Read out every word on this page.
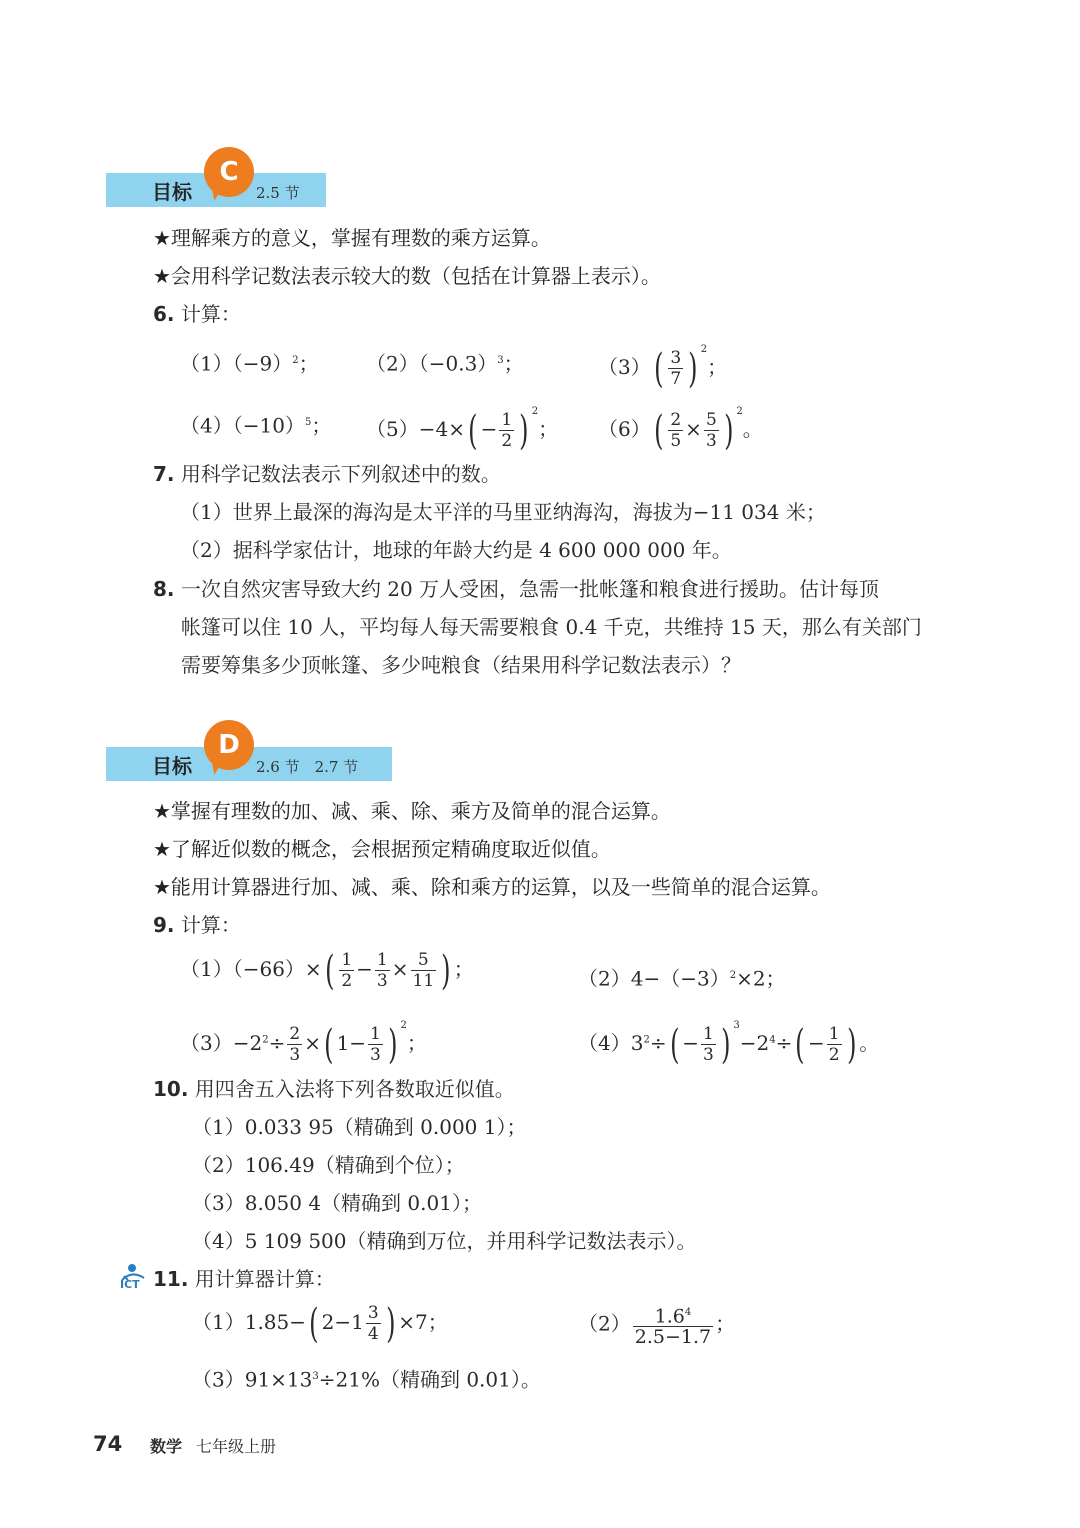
目标
C
2.5 节
★理解乘方的意义，掌握有理数的乘方运算。
★会用科学记数法表示较大的数（包括在计算器上表示）。
6. 计算：
$(1)(-9)^2$； $(2)(-0.3)^3$；	$(3)( \frac{3}{7}$ ) $^2$；
$(4)(-10)^5$； $(5)-4\times( - \frac{1}{2}$ ) $^2$； $(6)( \frac{2}{5} \times \frac{5}{3}$ ) $^2$。
7. 用科学记数法表示下列叙述中的数。
（1）世界上最深的海沟是太平洋的马里亚纳海沟，海拔为−11 034 米；
（2）据科学家估计，地球的年龄大约是 4 600 000 000 年。
8. 一次自然灾害导致大约 20 万人受困，急需一批帐篷和粮食进行援助。估计每顶
帐篷可以住 10 人，平均每人每天需要粮食 0.4 千克，共维持 15 天，那么有关部门
需要筹集多少顶帐篷、多少吨粮食（结果用科学记数法表示）？
目标
D
2.6 节　2.7 节
★掌握有理数的加、减、乘、除、乘方及简单的混合运算。
★了解近似数的概念，会根据预定精确度取近似值。
★能用计算器进行加、减、乘、除和乘方的运算，以及一些简单的混合运算。
9. 计算：
$(1)(-66)\times( \frac{1}{2} - \frac{1}{3} \times \frac{5}{11}$ ) ；	$(2)4-(-3)^2\times 2$；
$(3)-2^2\div \frac{2}{3}$ ×( $1- \frac{1}{3}$ ) $^2$；	$(4)3^2\div( - \frac{1}{3}$ ) $^3-2^4\div( - \frac{1}{2}$ ) 。
10. 用四舍五入法将下列各数取近似值。
（1）0.033 95（精确到 0.000 1）；
（2）106.49（精确到个位）；
（3）8.050 4（精确到 0.01）；
（4）5 109 500（精确到万位，并用科学记数法表示）。
ICT 11. 用计算器计算：
（1）1.85−( $2-1 \frac{3}{4}$ ) ×7；	$(2) \frac{1.6^4}{2.5-1.7}$ ；
$(3)91\times 13^3\div 21\%$（精确到 0.01）。
74 数学 七年级上册
